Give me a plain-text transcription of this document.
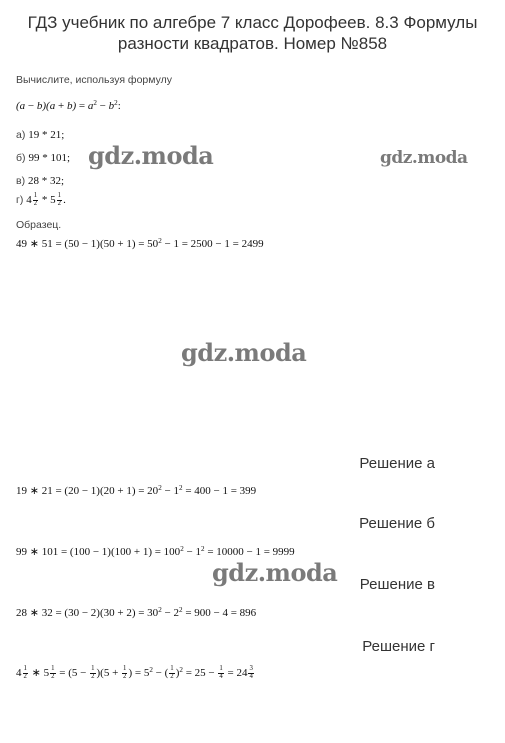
ГДЗ учебник по алгебре 7 класс Дорофеев. 8.3 Формулы
разности квадратов. Номер №858
Вычислите, используя формулу
$(a - b)(a + b) = a^2 - b^2$:
а) 19 * 21;
б) 99 * 101;
в) 28 * 32;
г) $4 \frac{1}{2} * 5 \frac{1}{2}$ .
Образец.
49 ∗ $51 = (50 - 1)(50 + 1) = 50^2 - 1 = 2500 - 1 = 2499$
Решение а
19 ∗ $21 = (20 - 1)(20 + 1) = 20^2 - 1^2 = 400 - 1 = 399$
Решение б
99 ∗ $101 = (100 - 1)(100 + 1) = 100^2 - 1^2 = 10000 - 1 = 9999$
Решение в
28 ∗ $32 = (30 - 2)(30 + 2) = 30^2 - 2^2 = 900 - 4 = 896$
Решение г
$4 \frac{1}{2}$ ∗ $5 \frac{1}{2} = (5 - \frac{1}{2} )(5 + \frac{1}{2}$ ) = $5^2$ − ( $\frac{1}{2} )^2 = 25 - \frac{1}{4} = 24 \frac{3}{4}$
gdz.moda	gdz.moda
gdz.moda
gdz.moda
